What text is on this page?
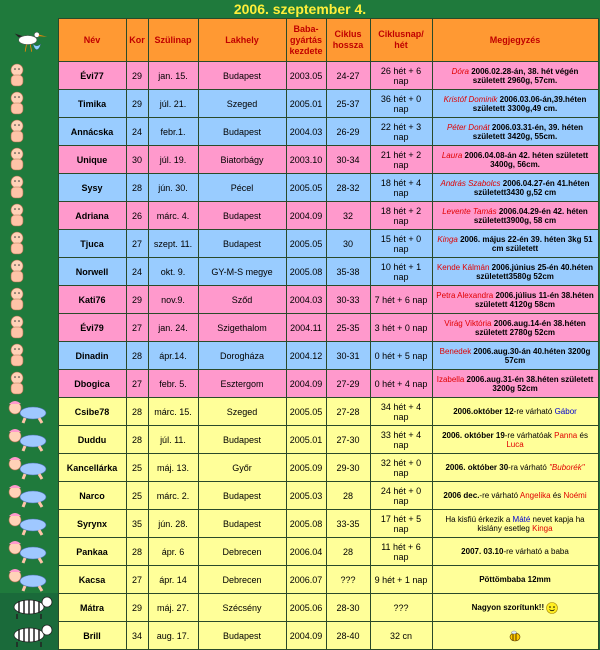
2006. szeptember 4.
	Név	Kor	Szülinap	Lakhely	Baba-gyártás kezdete	Ciklus hossza	Ciklusnap/ hét	Megjegyzés
	Évi77	29	jan. 15.	Budapest	2003.05	24-27	26 hét + 6 nap	Dóra 2006.02.28-án, 38. hét végén született 2960g, 57cm.
	Timika	29	júl. 21.	Szeged	2005.01	25-37	36 hét + 0 nap	Kristóf Dominik 2006.03.06-án,39.héten született 3300g,49 cm.
	Annácska	24	febr.1.	Budapest	2004.03	26-29	22 hét + 3 nap	Péter Donát 2006.03.31-én, 39. héten született 3420g, 55cm.
	Unique	30	júl. 19.	Biatorbágy	2003.10	30-34	21 hét + 2 nap	Laura 2006.04.08-án 42. héten született 3400g, 56cm.
	Sysy	28	jún. 30.	Pécel	2005.05	28-32	18 hét + 4 nap	András Szabolcs 2006.04.27-én 41.héten született3430 g,52 cm
	Adriana	26	márc. 4.	Budapest	2004.09	32	18 hét + 2 nap	Levente Tamás 2006.04.29-én 42. héten született3900g, 58 cm
	Tjuca	27	szept. 11.	Budapest	2005.05	30	15 hét + 0 nap	Kinga 2006. május 22-én 39. héten 3kg 51 cm született
	Norwell	24	okt. 9.	GY-M-S megye	2005.08	35-38	10 hét + 1 nap	Kende Kálmán 2006.június 25-én 40.héten született3580g 52cm
	Kati76	29	nov.9.	Sződ	2004.03	30-33	7 hét + 6 nap	Petra Alexandra 2006.július 11-én 38.héten született 4120g 58cm
	Évi79	27	jan. 24.	Szigethalom	2004.11	25-35	3 hét + 0 nap	Virág Viktória 2006.aug.14-én 38.héten született 2780g 52cm
	Dinadin	28	ápr.14.	Dorogháza	2004.12	30-31	0 hét + 5 nap	Benedek 2006.aug.30-án 40.héten 3200g 57cm
	Dbogica	27	febr. 5.	Esztergom	2004.09	27-29	0 hét + 4 nap	Izabella 2006.aug.31-én 38.héten született 3200g 52cm
	Csibe78	28	márc. 15.	Szeged	2005.05	27-28	34 hét + 4 nap	2006.október 12-re várható Gábor
	Duddu	28	júl. 11.	Budapest	2005.01	27-30	33 hét + 4 nap	2006. október 19-re várhatóak Panna és Luca
	Kancellárka	25	máj. 13.	Győr	2005.09	29-30	32 hét + 0 nap	2006. október 30-ra várható "Buborék"
	Narco	25	márc. 2.	Budapest	2005.03	28	24 hét + 0 nap	2006 dec.-re várható Angelika és Noémi
	Syrynx	35	jún. 28.	Budapest	2005.08	33-35	17 hét + 5 nap	Ha kisfiú érkezik a Máté nevet kapja ha kislány esetleg Kinga
	Pankaa	28	ápr. 6	Debrecen	2006.04	28	11 hét + 6 nap	2007. 03.10-re várható a baba
	Kacsa	27	ápr. 14	Debrecen	2006.07	???	9 hét + 1 nap	Pöttömbaba 12mm
	Mátra	29	máj. 27.	Szécsény	2005.06	28-30	???	Nagyon szorítunk!!
	Brill	34	aug. 17.	Budapest	2004.09	28-40	32 cn	
